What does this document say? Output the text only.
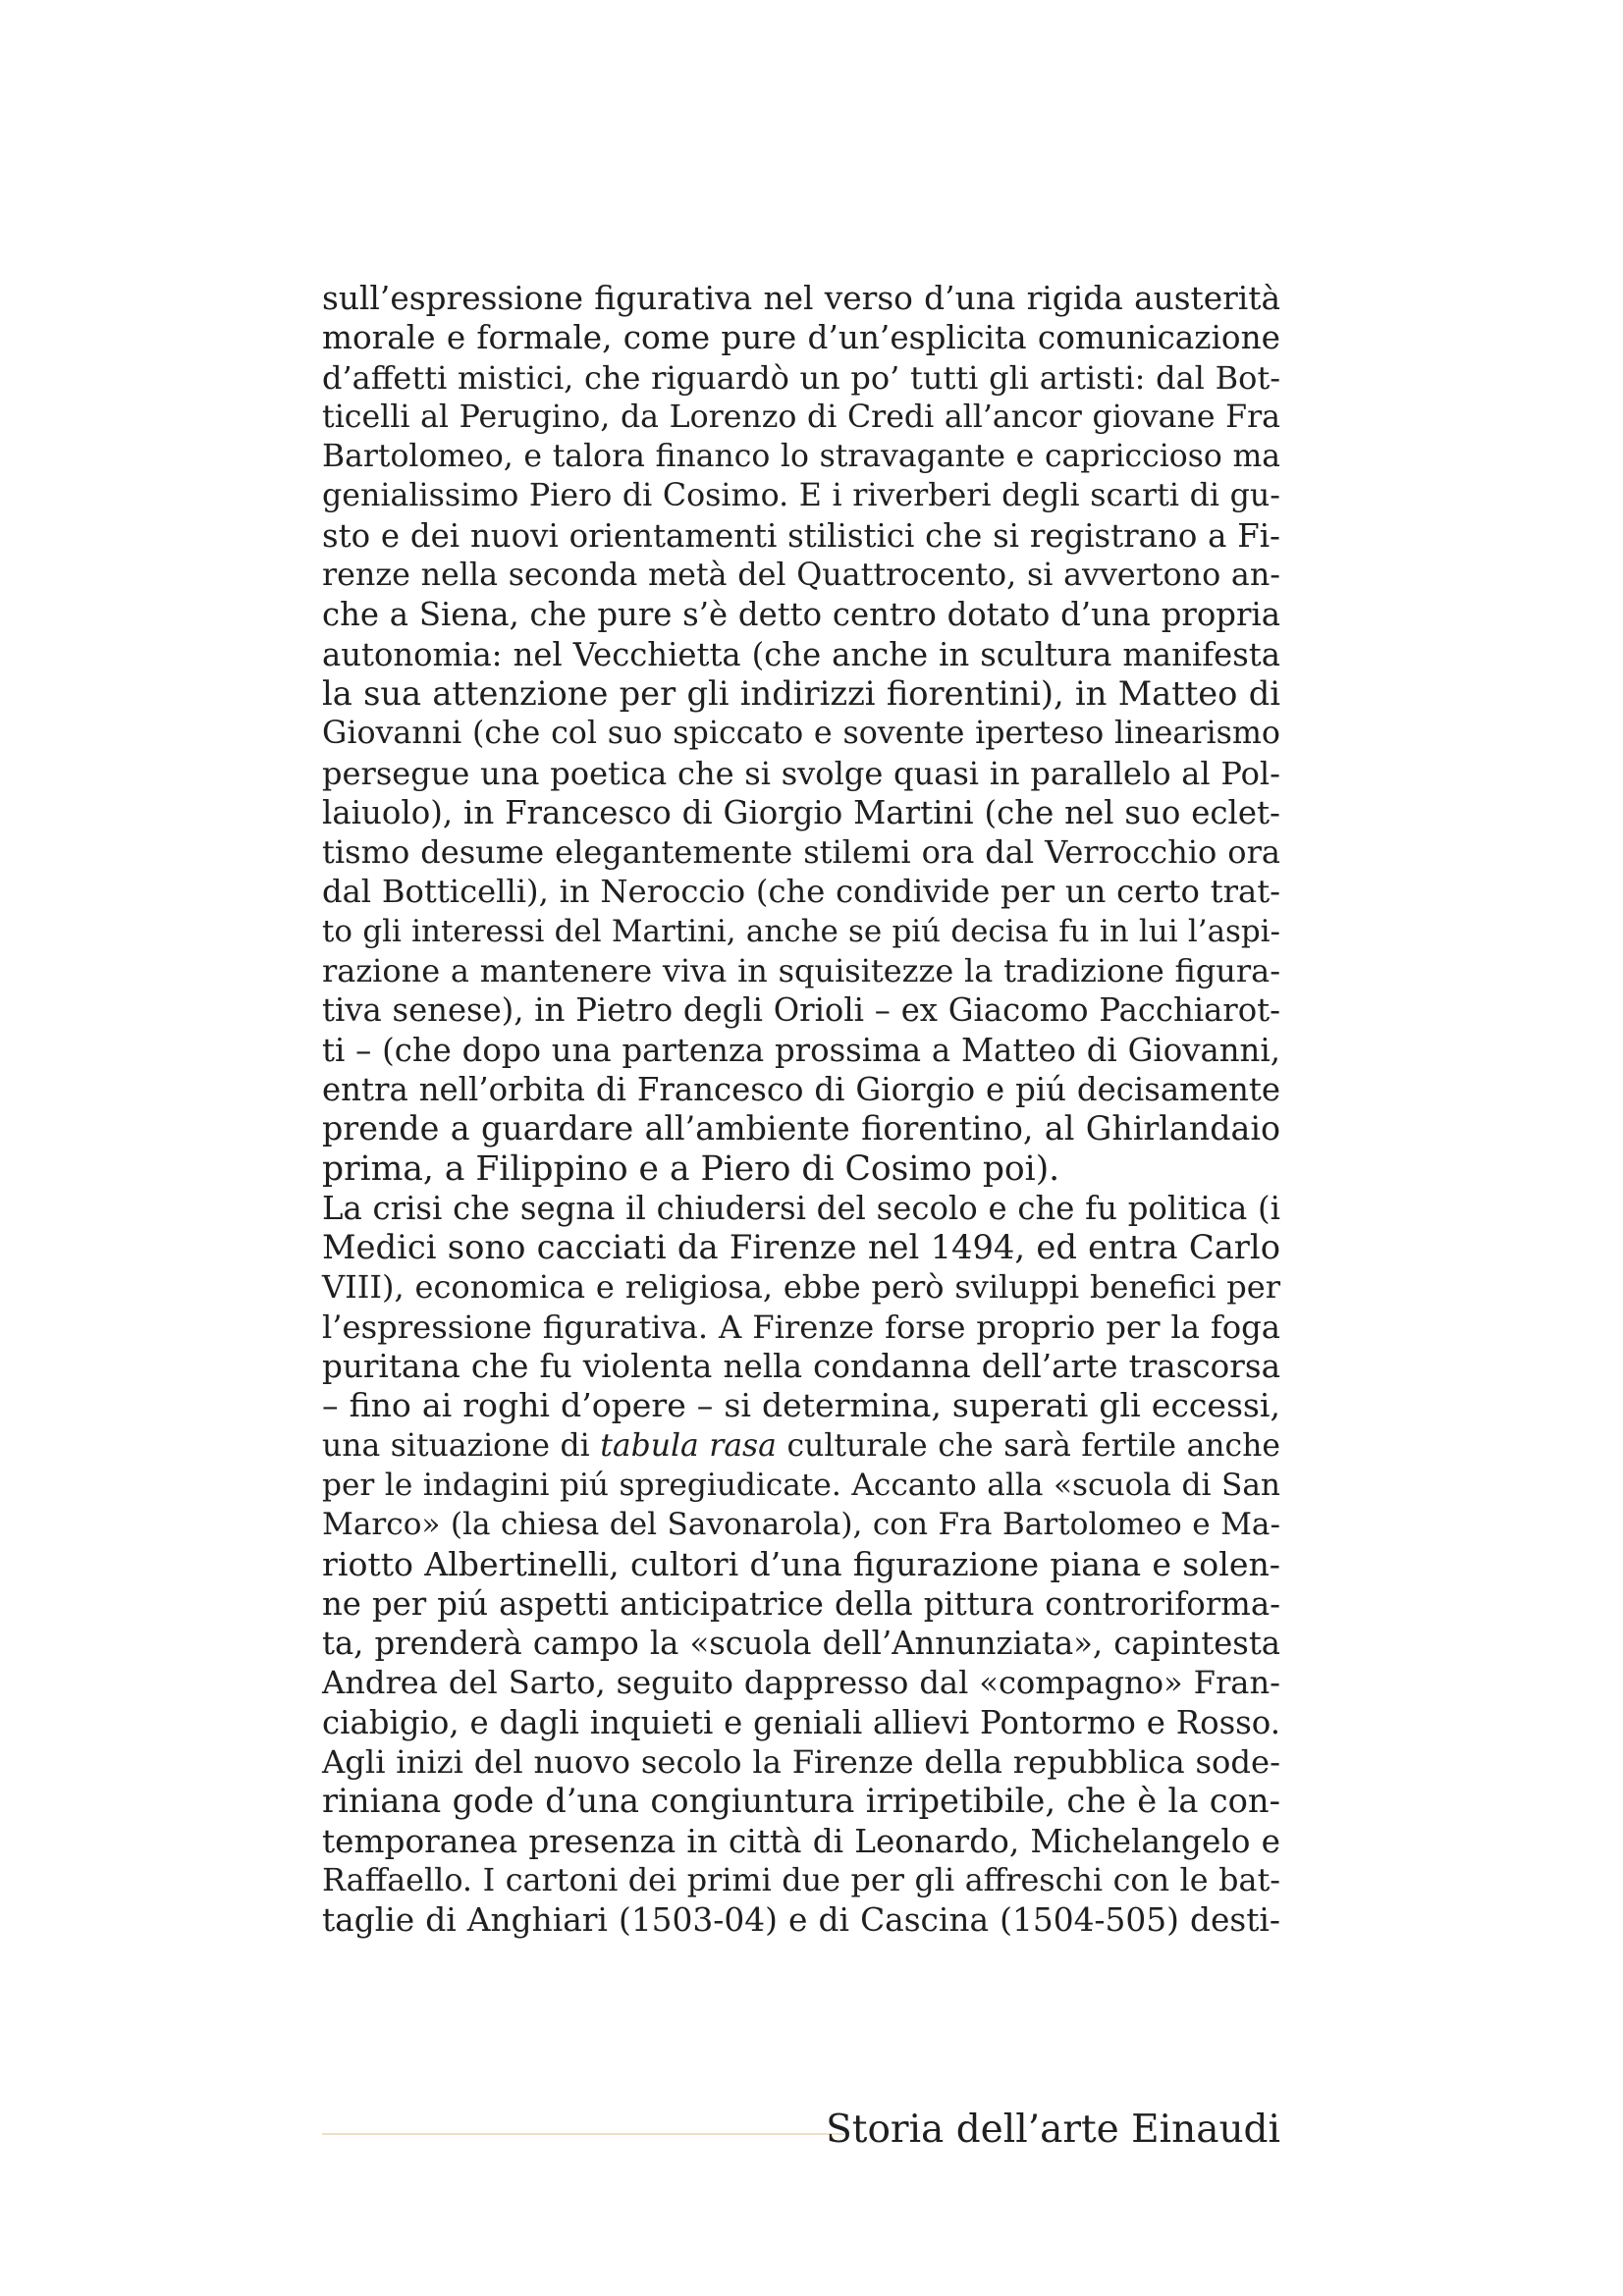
sull’espressione figurativa nel verso d’una rigida austerità
morale e formale, come pure d’un’esplicita comunicazione
d’affetti mistici, che riguardò un po’ tutti gli artisti: dal Bot-
ticelli al Perugino, da Lorenzo di Credi all’ancor giovane Fra
Bartolomeo, e talora financo lo stravagante e capriccioso ma
genialissimo Piero di Cosimo. E i riverberi degli scarti di gu-
sto e dei nuovi orientamenti stilistici che si registrano a Fi-
renze nella seconda metà del Quattrocento, si avvertono an-
che a Siena, che pure s’è detto centro dotato d’una propria
autonomia: nel Vecchietta (che anche in scultura manifesta
la sua attenzione per gli indirizzi fiorentini), in Matteo di
Giovanni (che col suo spiccato e sovente iperteso linearismo
persegue una poetica che si svolge quasi in parallelo al Pol-
laiuolo), in Francesco di Giorgio Martini (che nel suo eclet-
tismo desume elegantemente stilemi ora dal Verrocchio ora
dal Botticelli), in Neroccio (che condivide per un certo trat-
to gli interessi del Martini, anche se piú decisa fu in lui l’aspi-
razione a mantenere viva in squisitezze la tradizione figura-
tiva senese), in Pietro degli Orioli – ex Giacomo Pacchiarot-
ti – (che dopo una partenza prossima a Matteo di Giovanni,
entra nell’orbita di Francesco di Giorgio e piú decisamente
prende a guardare all’ambiente fiorentino, al Ghirlandaio
prima, a Filippino e a Piero di Cosimo poi).
La crisi che segna il chiudersi del secolo e che fu politica (i
Medici sono cacciati da Firenze nel 1494, ed entra Carlo
VIII), economica e religiosa, ebbe però sviluppi benefici per
l’espressione figurativa. A Firenze forse proprio per la foga
puritana che fu violenta nella condanna dell’arte trascorsa
– fino ai roghi d’opere – si determina, superati gli eccessi,
una situazione di tabula rasa culturale che sarà fertile anche
per le indagini piú spregiudicate. Accanto alla «scuola di San
Marco» (la chiesa del Savonarola), con Fra Bartolomeo e Ma-
riotto Albertinelli, cultori d’una figurazione piana e solen-
ne per piú aspetti anticipatrice della pittura controriforma-
ta, prenderà campo la «scuola dell’Annunziata», capintesta
Andrea del Sarto, seguito dappresso dal «compagno» Fran-
ciabigio, e dagli inquieti e geniali allievi Pontormo e Rosso.
Agli inizi del nuovo secolo la Firenze della repubblica sode-
riniana gode d’una congiuntura irripetibile, che è la con-
temporanea presenza in città di Leonardo, Michelangelo e
Raffaello. I cartoni dei primi due per gli affreschi con le bat-
taglie di Anghiari (1503-04) e di Cascina (1504-505) desti-
Storia dell’arte Einaudi
